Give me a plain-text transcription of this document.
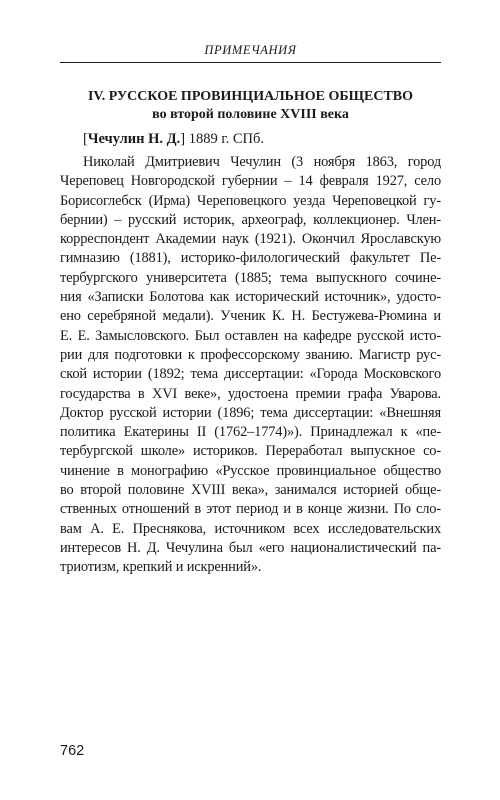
ПРИМЕЧАНИЯ
IV. РУССКОЕ ПРОВИНЦИАЛЬНОЕ ОБЩЕСТВО
во второй половине XVIII века
[Чечулин Н. Д.] 1889 г. СПб.
Николай Дмитриевич Чечулин (3 ноября 1863, город
Череповец Новгородской губернии – 14 февраля 1927, село
Борисоглебск (Ирма) Череповецкого уезда Череповецкой гу-
бернии) – русский историк, археограф, коллекционер. Член-
корреспондент Академии наук (1921). Окончил Ярославскую
гимназию (1881), историко-филологический факультет Пе-
тербургского университета (1885; тема выпускного сочине-
ния «Записки Болотова как исторический источник», удосто-
ено серебряной медали). Ученик К. Н. Бестужева-Рюмина и
Е. Е. Замысловского. Был оставлен на кафедре русской исто-
рии для подготовки к профессорскому званию. Магистр рус-
ской истории (1892; тема диссертации: «Города Московского
государства в XVI веке», удостоена премии графа Уварова.
Доктор русской истории (1896; тема диссертации: «Внешняя
политика Екатерины II (1762–1774)»). Принадлежал к «пе-
тербургской школе» историков. Переработал выпускное со-
чинение в монографию «Русское провинциальное общество
во второй половине XVIII века», занимался историей обще-
ственных отношений в этот период и в конце жизни. По сло-
вам А. Е. Преснякова, источником всех исследовательских
интересов Н. Д. Чечулина был «его националистический па-
триотизм, крепкий и искренний».
762
